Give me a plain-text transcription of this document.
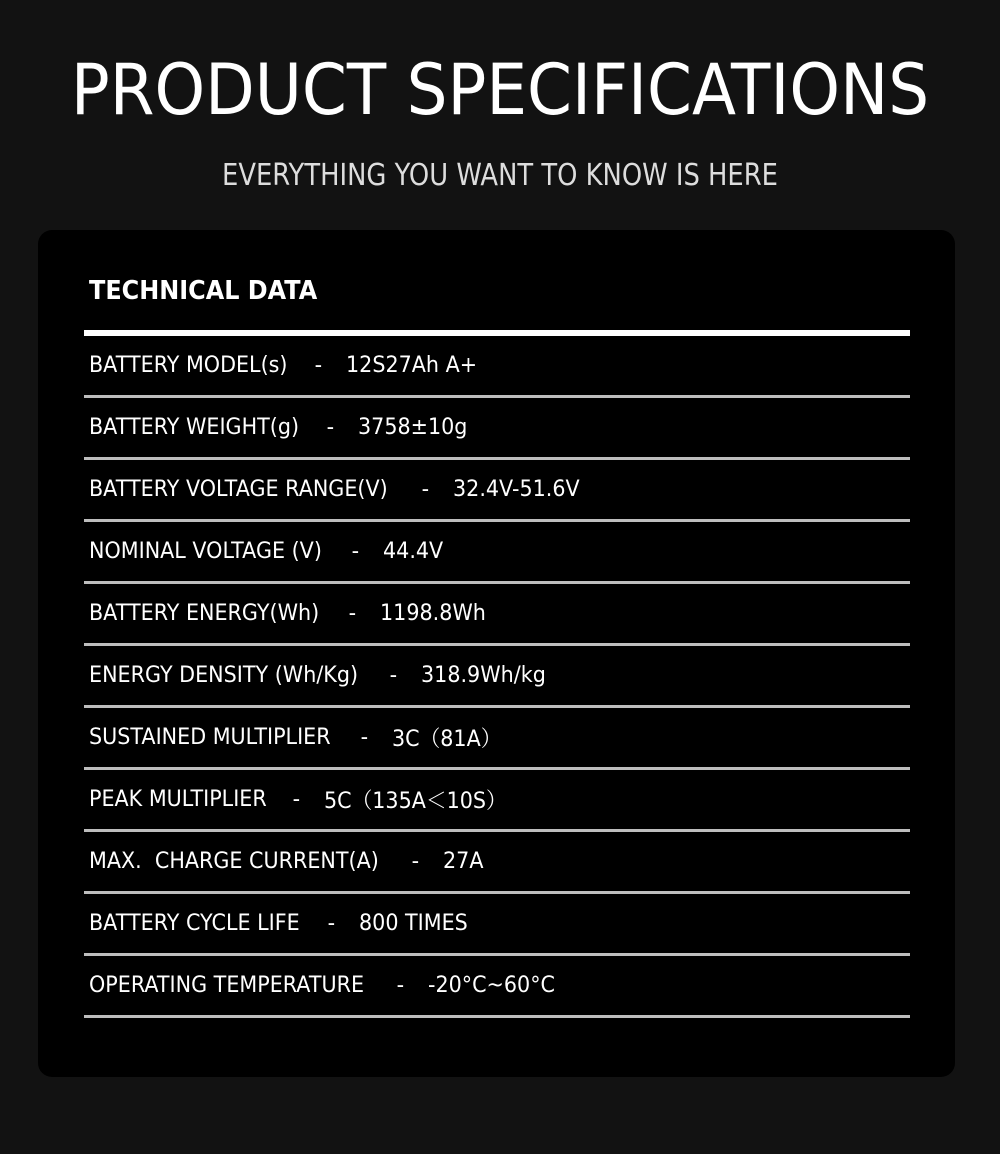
PRODUCT SPECIFICATIONS

EVERYTHING YOU WANT TO KNOW IS HERE

TECHNICAL DATA
BATTERY MODEL(s)	-	12S27Ah A+
BATTERY WEIGHT(g)	-	3758±10g
BATTERY VOLTAGE RANGE(V)	-	32.4V-51.6V
NOMINAL VOLTAGE (V)	-	44.4V
BATTERY ENERGY(Wh)	-	1198.8Wh
ENERGY DENSITY (Wh/Kg)	-	318.9Wh/kg
SUSTAINED MULTIPLIER	-	3C（81A）
PEAK MULTIPLIER	-	5C（135A＜10S）
MAX.  CHARGE CURRENT(A)	-	27A
BATTERY CYCLE LIFE	-	800 TIMES
OPERATING TEMPERATURE	-	-20°C~60°C
